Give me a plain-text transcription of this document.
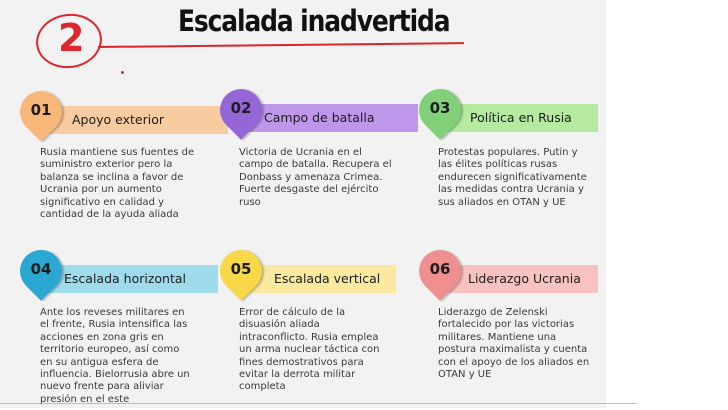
2	Escalada inadvertida
Apoyo exterior
01
Rusia mantiene sus fuentes de
suministro exterior pero la
balanza se inclina a favor de
Ucrania por un aumento
significativo en calidad y
cantidad de la ayuda aliada
Campo de batalla
02
Victoria de Ucrania en el
campo de batalla. Recupera el
Donbass y amenaza Crimea.
Fuerte desgaste del ejército
ruso
Política en Rusia
03
Protestas populares. Putin y
las élites políticas rusas
endurecen significativamente
las medidas contra Ucrania y
sus aliados en OTAN y UE
Escalada horizontal
04
Ante los reveses militares en
el frente, Rusia intensifica las
acciones en zona gris en
territorio europeo, así como
en su antigua esfera de
influencia. Bielorrusia abre un
nuevo frente para aliviar
presión en el este
Escalada vertical
05
Error de cálculo de la
disuasión aliada
intraconflicto. Rusia emplea
un arma nuclear táctica con
fines demostrativos para
evitar la derrota militar
completa
Liderazgo Ucrania
06
Liderazgo de Zelenski
fortalecido por las victorias
militares. Mantiene una
postura maximalista y cuenta
con el apoyo de los aliados en
OTAN y UE
